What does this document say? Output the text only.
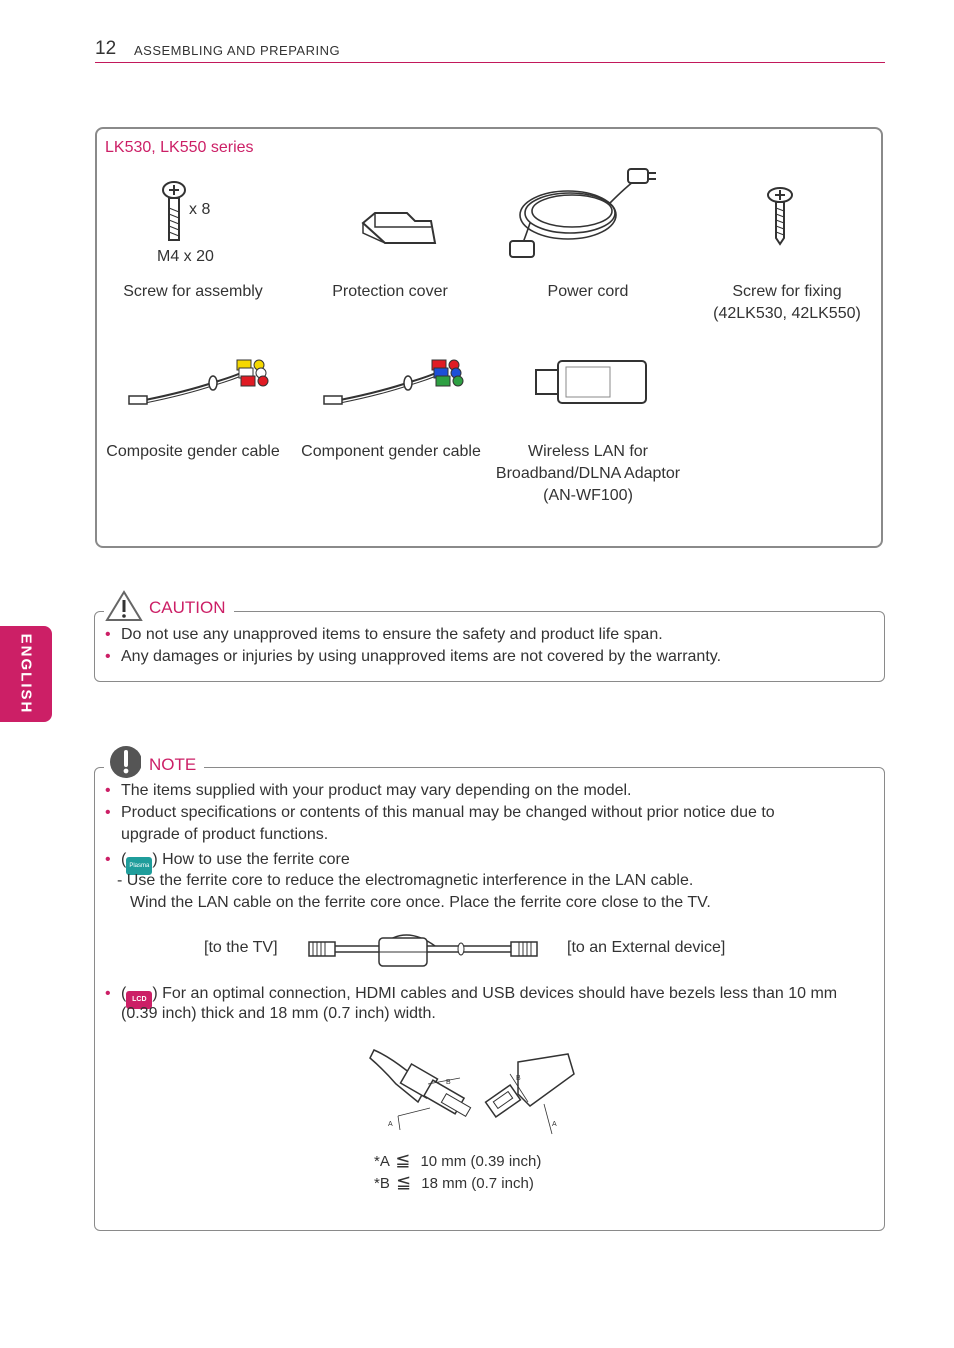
12 ASSEMBLING AND PREPARING
ENGLISH
LK530, LK550 series
x 8
M4 x 20
Screw for assembly	Protection cover	Power cord	Screw for fixing
(42LK530, 42LK550)
Composite gender cable	Component gender cable	Wireless LAN for
Broadband/DLNA Adaptor
(AN-WF100)
CAUTION
• Do not use any unapproved items to ensure the safety and product life span.
• Any damages or injuries by using unapproved items are not covered by the warranty.
NOTE
• The items supplied with your product may vary depending on the model.
• Product specifications or contents of this manual may be changed without prior notice due to
upgrade of product functions.
• ( Plasma ) How to use the ferrite core
- Use the ferrite core to reduce the electromagnetic interference in the LAN cable.
Wind the LAN cable on the ferrite core once. Place the ferrite core close to the TV.
[to the TV]	[to an External device]
• ( LCD ) For an optimal connection, HDMI cables and USB devices should have bezels less than 10 mm
(0.39 inch) thick and 18 mm (0.7 inch) width.
A
B
B
A
*A ≦ 10 mm (0.39 inch)
*B ≦ 18 mm (0.7 inch)
